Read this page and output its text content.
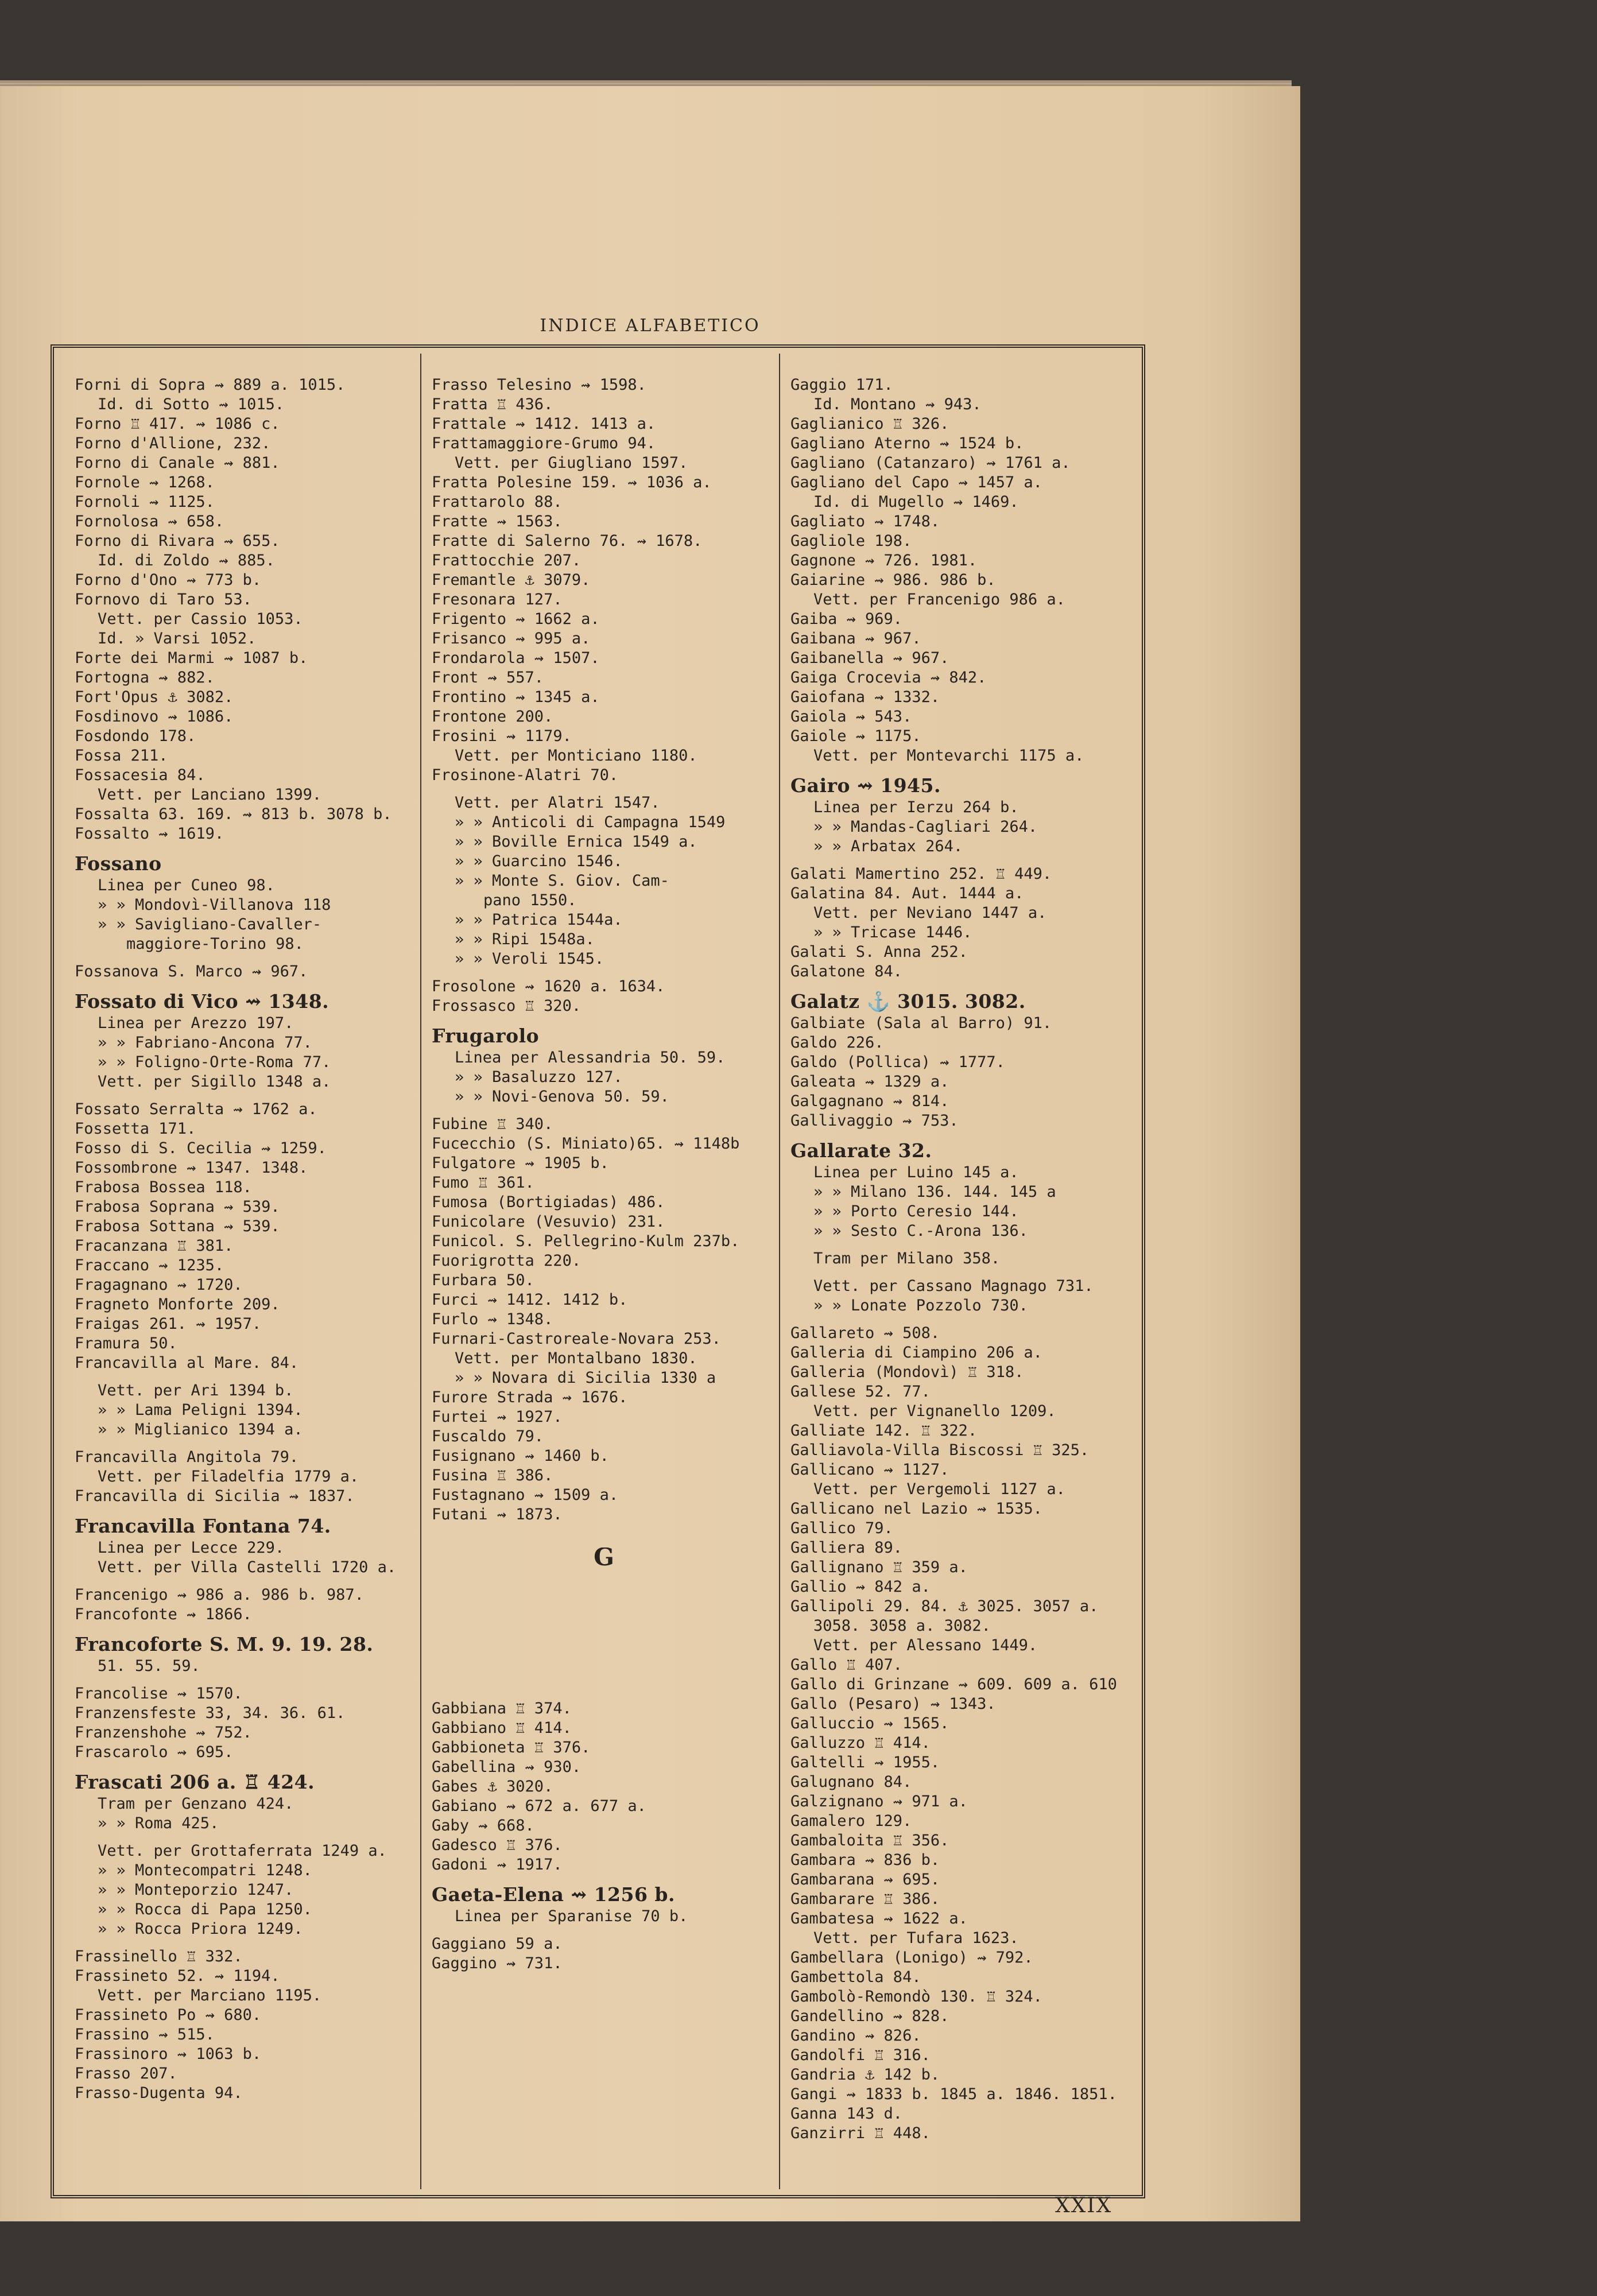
INDICE ALFABETICO
Forni di Sopra ⇝ 889 a. 1015.
Id. di Sotto ⇝ 1015.
Forno ♖ 417. ⇝ 1086 c.
Forno d'Allione, 232.
Forno di Canale ⇝ 881.
Fornole ⇝ 1268.
Fornoli ⇝ 1125.
Fornolosa ⇝ 658.
Forno di Rivara ⇝ 655.
Id. di Zoldo ⇝ 885.
Forno d'Ono ⇝ 773 b.
Fornovo di Taro 53.
Vett. per Cassio 1053.
Id. » Varsi 1052.
Forte dei Marmi ⇝ 1087 b.
Fortogna ⇝ 882.
Fort'Opus ⚓ 3082.
Fosdinovo ⇝ 1086.
Fosdondo 178.
Fossa 211.
Fossacesia 84.
Vett. per Lanciano 1399.
Fossalta 63. 169. ⇝ 813 b. 3078 b.
Fossalto ⇝ 1619.
Fossano
Linea per Cuneo 98.
» » Mondovì-Villanova 118
» » Savigliano-Cavaller-
maggiore-Torino 98.
Fossanova S. Marco ⇝ 967.
Fossato di Vico ⇝ 1348.
Linea per Arezzo 197.
» » Fabriano-Ancona 77.
» » Foligno-Orte-Roma 77.
Vett. per Sigillo 1348 a.
Fossato Serralta ⇝ 1762 a.
Fossetta 171.
Fosso di S. Cecilia ⇝ 1259.
Fossombrone ⇝ 1347. 1348.
Frabosa Bossea 118.
Frabosa Soprana ⇝ 539.
Frabosa Sottana ⇝ 539.
Fracanzana ♖ 381.
Fraccano ⇝ 1235.
Fragagnano ⇝ 1720.
Fragneto Monforte 209.
Fraigas 261. ⇝ 1957.
Framura 50.
Francavilla al Mare. 84.
Vett. per Ari 1394 b.
» » Lama Peligni 1394.
» » Miglianico 1394 a.
Francavilla Angitola 79.
Vett. per Filadelfia 1779 a.
Francavilla di Sicilia ⇝ 1837.
Francavilla Fontana 74.
Linea per Lecce 229.
Vett. per Villa Castelli 1720 a.
Francenigo ⇝ 986 a. 986 b. 987.
Francofonte ⇝ 1866.
Francoforte S. M. 9. 19. 28.
51. 55. 59.
Francolise ⇝ 1570.
Franzensfeste 33, 34. 36. 61.
Franzenshohe ⇝ 752.
Frascarolo ⇝ 695.
Frascati 206 a. ♖ 424.
Tram per Genzano 424.
» » Roma 425.
Vett. per Grottaferrata 1249 a.
» » Montecompatri 1248.
» » Monteporzio 1247.
» » Rocca di Papa 1250.
» » Rocca Priora 1249.
Frassinello ♖ 332.
Frassineto 52. ⇝ 1194.
Vett. per Marciano 1195.
Frassineto Po ⇝ 680.
Frassino ⇝ 515.
Frassinoro ⇝ 1063 b.
Frasso 207.
Frasso-Dugenta 94.
Frasso Telesino ⇝ 1598.
Fratta ♖ 436.
Frattale ⇝ 1412. 1413 a.
Frattamaggiore-Grumo 94.
Vett. per Giugliano 1597.
Fratta Polesine 159. ⇝ 1036 a.
Frattarolo 88.
Fratte ⇝ 1563.
Fratte di Salerno 76. ⇝ 1678.
Frattocchie 207.
Fremantle ⚓ 3079.
Fresonara 127.
Frigento ⇝ 1662 a.
Frisanco ⇝ 995 a.
Frondarola ⇝ 1507.
Front ⇝ 557.
Frontino ⇝ 1345 a.
Frontone 200.
Frosini ⇝ 1179.
Vett. per Monticiano 1180.
Frosinone-Alatri 70.
Vett. per Alatri 1547.
» » Anticoli di Campagna 1549
» » Boville Ernica 1549 a.
» » Guarcino 1546.
» » Monte S. Giov. Cam-
pano 1550.
» » Patrica 1544a.
» » Ripi 1548a.
» » Veroli 1545.
Frosolone ⇝ 1620 a. 1634.
Frossasco ♖ 320.
Frugarolo
Linea per Alessandria 50. 59.
» » Basaluzzo 127.
» » Novi-Genova 50. 59.
Fubine ♖ 340.
Fucecchio (S. Miniato)65. ⇝ 1148b
Fulgatore ⇝ 1905 b.
Fumo ♖ 361.
Fumosa (Bortigiadas) 486.
Funicolare (Vesuvio) 231.
Funicol. S. Pellegrino-Kulm 237b.
Fuorigrotta 220.
Furbara 50.
Furci ⇝ 1412. 1412 b.
Furlo ⇝ 1348.
Furnari-Castroreale-Novara 253.
Vett. per Montalbano 1830.
» » Novara di Sicilia 1330 a
Furore Strada ⇝ 1676.
Furtei ⇝ 1927.
Fuscaldo 79.
Fusignano ⇝ 1460 b.
Fusina ♖ 386.
Fustagnano ⇝ 1509 a.
Futani ⇝ 1873.
G
Gabbiana ♖ 374.
Gabbiano ♖ 414.
Gabbioneta ♖ 376.
Gabellina ⇝ 930.
Gabes ⚓ 3020.
Gabiano ⇝ 672 a. 677 a.
Gaby ⇝ 668.
Gadesco ♖ 376.
Gadoni ⇝ 1917.
Gaeta-Elena ⇝ 1256 b.
Linea per Sparanise 70 b.
Gaggiano 59 a.
Gaggino ⇝ 731.
Gaggio 171.
Id. Montano ⇝ 943.
Gaglianico ♖ 326.
Gagliano Aterno ⇝ 1524 b.
Gagliano (Catanzaro) ⇝ 1761 a.
Gagliano del Capo ⇝ 1457 a.
Id. di Mugello ⇝ 1469.
Gagliato ⇝ 1748.
Gagliole 198.
Gagnone ⇝ 726. 1981.
Gaiarine ⇝ 986. 986 b.
Vett. per Francenigo 986 a.
Gaiba ⇝ 969.
Gaibana ⇝ 967.
Gaibanella ⇝ 967.
Gaiga Crocevia ⇝ 842.
Gaiofana ⇝ 1332.
Gaiola ⇝ 543.
Gaiole ⇝ 1175.
Vett. per Montevarchi 1175 a.
Gairo ⇝ 1945.
Linea per Ierzu 264 b.
» » Mandas-Cagliari 264.
» » Arbatax 264.
Galati Mamertino 252. ♖ 449.
Galatina 84. Aut. 1444 a.
Vett. per Neviano 1447 a.
» » Tricase 1446.
Galati S. Anna 252.
Galatone 84.
Galatz ⚓ 3015. 3082.
Galbiate (Sala al Barro) 91.
Galdo 226.
Galdo (Pollica) ⇝ 1777.
Galeata ⇝ 1329 a.
Galgagnano ⇝ 814.
Gallivaggio ⇝ 753.
Gallarate 32.
Linea per Luino 145 a.
» » Milano 136. 144. 145 a
» » Porto Ceresio 144.
» » Sesto C.-Arona 136.
Tram per Milano 358.
Vett. per Cassano Magnago 731.
» » Lonate Pozzolo 730.
Gallareto ⇝ 508.
Galleria di Ciampino 206 a.
Galleria (Mondovì) ♖ 318.
Gallese 52. 77.
Vett. per Vignanello 1209.
Galliate 142. ♖ 322.
Galliavola-Villa Biscossi ♖ 325.
Gallicano ⇝ 1127.
Vett. per Vergemoli 1127 a.
Gallicano nel Lazio ⇝ 1535.
Gallico 79.
Galliera 89.
Gallignano ♖ 359 a.
Gallio ⇝ 842 a.
Gallipoli 29. 84. ⚓ 3025. 3057 a.
3058. 3058 a. 3082.
Vett. per Alessano 1449.
Gallo ♖ 407.
Gallo di Grinzane ⇝ 609. 609 a. 610
Gallo (Pesaro) ⇝ 1343.
Galluccio ⇝ 1565.
Galluzzo ♖ 414.
Galtelli ⇝ 1955.
Galugnano 84.
Galzignano ⇝ 971 a.
Gamalero 129.
Gambaloita ♖ 356.
Gambara ⇝ 836 b.
Gambarana ⇝ 695.
Gambarare ♖ 386.
Gambatesa ⇝ 1622 a.
Vett. per Tufara 1623.
Gambellara (Lonigo) ⇝ 792.
Gambettola 84.
Gambolò-Remondò 130. ♖ 324.
Gandellino ⇝ 828.
Gandino ⇝ 826.
Gandolfi ♖ 316.
Gandria ⚓ 142 b.
Gangi ⇝ 1833 b. 1845 a. 1846. 1851.
Ganna 143 d.
Ganzirri ♖ 448.
XXIX
